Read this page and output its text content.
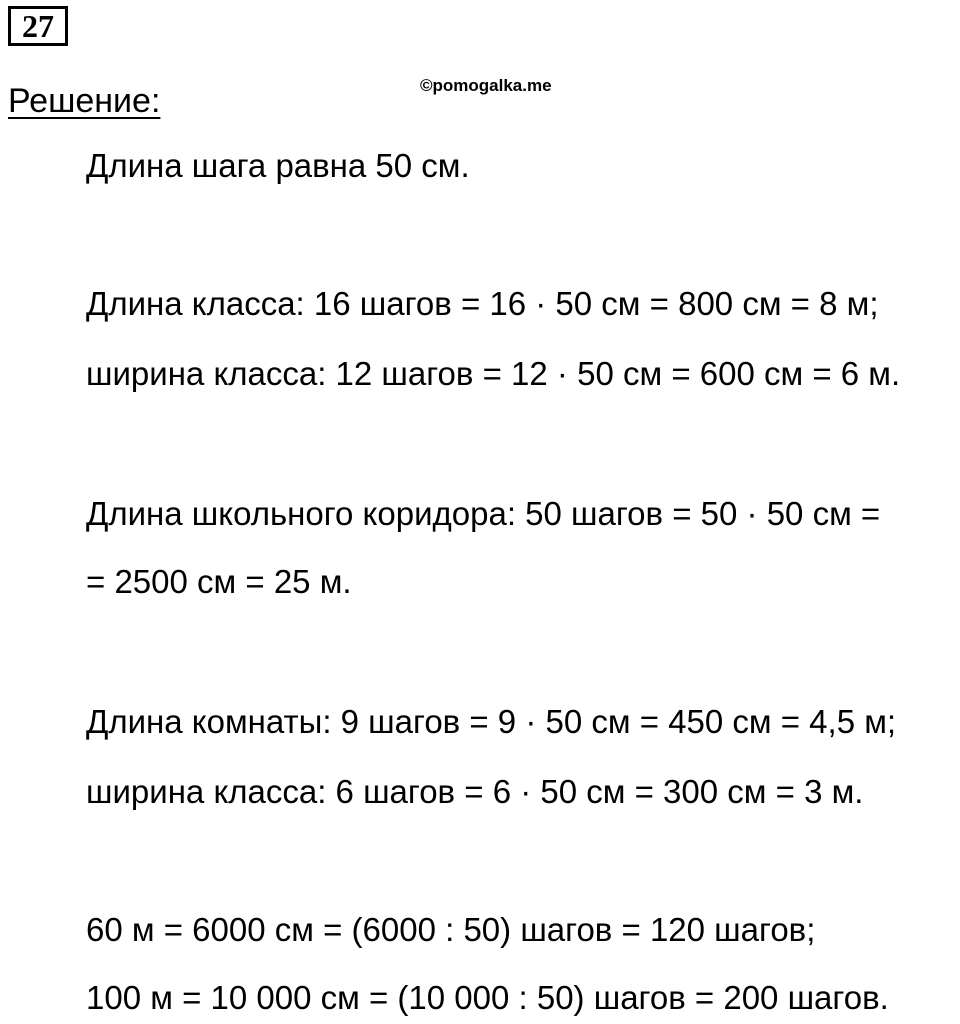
27
©pomogalka.me
Решение:
Длина шага равна 50 см.
Длина класса: 16 шагов = 16 · 50 см = 800 см = 8 м;
ширина класса: 12 шагов = 12 · 50 см = 600 см = 6 м.
Длина школьного коридора: 50 шагов = 50 · 50 см =
= 2500 см = 25 м.
Длина комнаты: 9 шагов = 9 · 50 см = 450 см = 4,5 м;
ширина класса: 6 шагов = 6 · 50 см = 300 см = 3 м.
60 м = 6000 см = (6000 : 50) шагов = 120 шагов;
100 м = 10 000 см = (10 000 : 50) шагов = 200 шагов.
